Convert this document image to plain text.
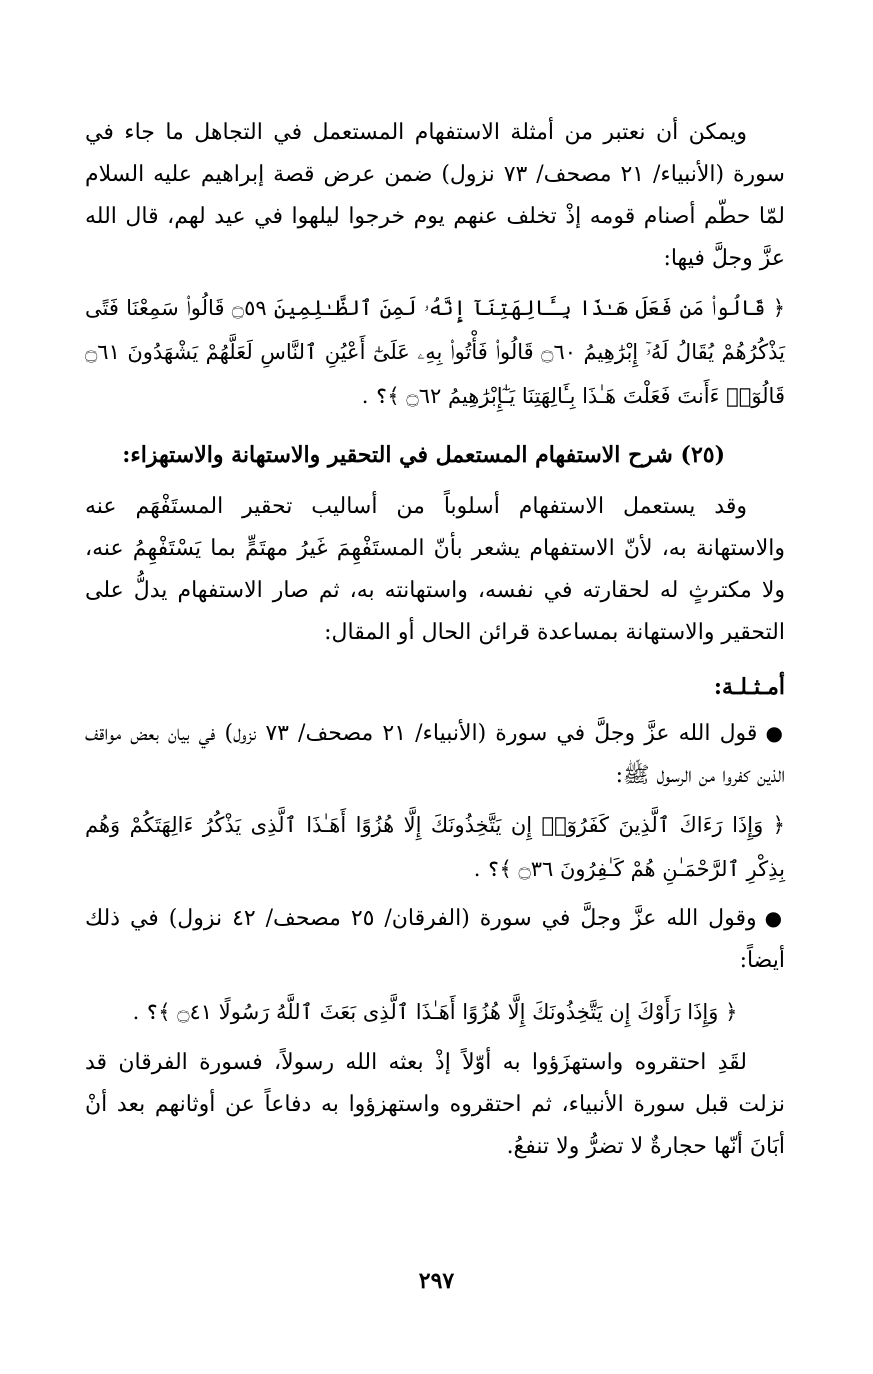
ويمكن أن نعتبر من أمثلة الاستفهام المستعمل في التجاهل ما جاء في سورة (الأنبياء/ ٢١ مصحف/ ٧٣ نزول) ضمن عرض قصة إبراهيم عليه السلام لمّا حطّم أصنام قومه إذْ تخلف عنهم يوم خرجوا ليلهوا في عيد لهم، قال الله عزَّ وجلَّ فيها:

﴿ قَالُوا۟ مَن فَعَلَ هَـٰذَا بِـَٔالِهَتِنَآ إِنَّهُۥ لَمِنَ ٱلظَّـٰلِمِينَ ۝٥٩ قَالُوا۟ سَمِعْنَا فَتًى يَذْكُرُهُمْ يُقَالُ لَهُۥٓ إِبْرَٰهِيمُ ۝٦٠ قَالُوا۟ فَأْتُوا۟ بِهِۦ عَلَىٰٓ أَعْيُنِ ٱلنَّاسِ لَعَلَّهُمْ يَشْهَدُونَ ۝٦١ قَالُوٓا۟ ءَأَنتَ فَعَلْتَ هَـٰذَا بِـَٔالِهَتِنَا يَـٰٓإِبْرَٰهِيمُ ۝٦٢ ﴾؟ .

(٢٥) شرح الاستفهام المستعمل في التحقير والاستهانة والاستهزاء:

وقد يستعمل الاستفهام أسلوباً من أساليب تحقير المستَفْهَم عنه والاستهانة به، لأنّ الاستفهام يشعر بأنّ المستَفْهِمَ غَيرُ مهتَمٍّ بما يَسْتَفْهِمُ عنه، ولا مكترثٍ له لحقارته في نفسه، واستهانته به، ثم صار الاستفهام يدلُّ على التحقير والاستهانة بمساعدة قرائن الحال أو المقال:

أمـثـلـة:

●قول الله عزَّ وجلَّ في سورة (الأنبياء/ ٢١ مصحف/ ٧٣ نزول) في بيان بعض مواقف الذين كفروا من الرسول ﷺ:

﴿ وَإِذَا رَءَاكَ ٱلَّذِينَ كَفَرُوٓا۟ إِن يَتَّخِذُونَكَ إِلَّا هُزُوًا أَهَـٰذَا ٱلَّذِى يَذْكُرُ ءَالِهَتَكُمْ وَهُم بِذِكْرِ ٱلرَّحْمَـٰنِ هُمْ كَـٰفِرُونَ ۝٣٦ ﴾؟ .

●وقول الله عزَّ وجلَّ في سورة (الفرقان/ ٢٥ مصحف/ ٤٢ نزول) في ذلك أيضاً:

﴿ وَإِذَا رَأَوْكَ إِن يَتَّخِذُونَكَ إِلَّا هُزُوًا أَهَـٰذَا ٱلَّذِى بَعَثَ ٱللَّهُ رَسُولًا ۝٤١ ﴾؟ .

لقَدِ احتقروه واستهزَؤوا به أوّلاً إذْ بعثه الله رسولاً، فسورة الفرقان قد نزلت قبل سورة الأنبياء، ثم احتقروه واستهزؤوا به دفاعاً عن أوثانهم بعد أنْ أبَانَ أنّها حجارةٌ لا تضرُّ ولا تنفعُ.

٢٩٧
